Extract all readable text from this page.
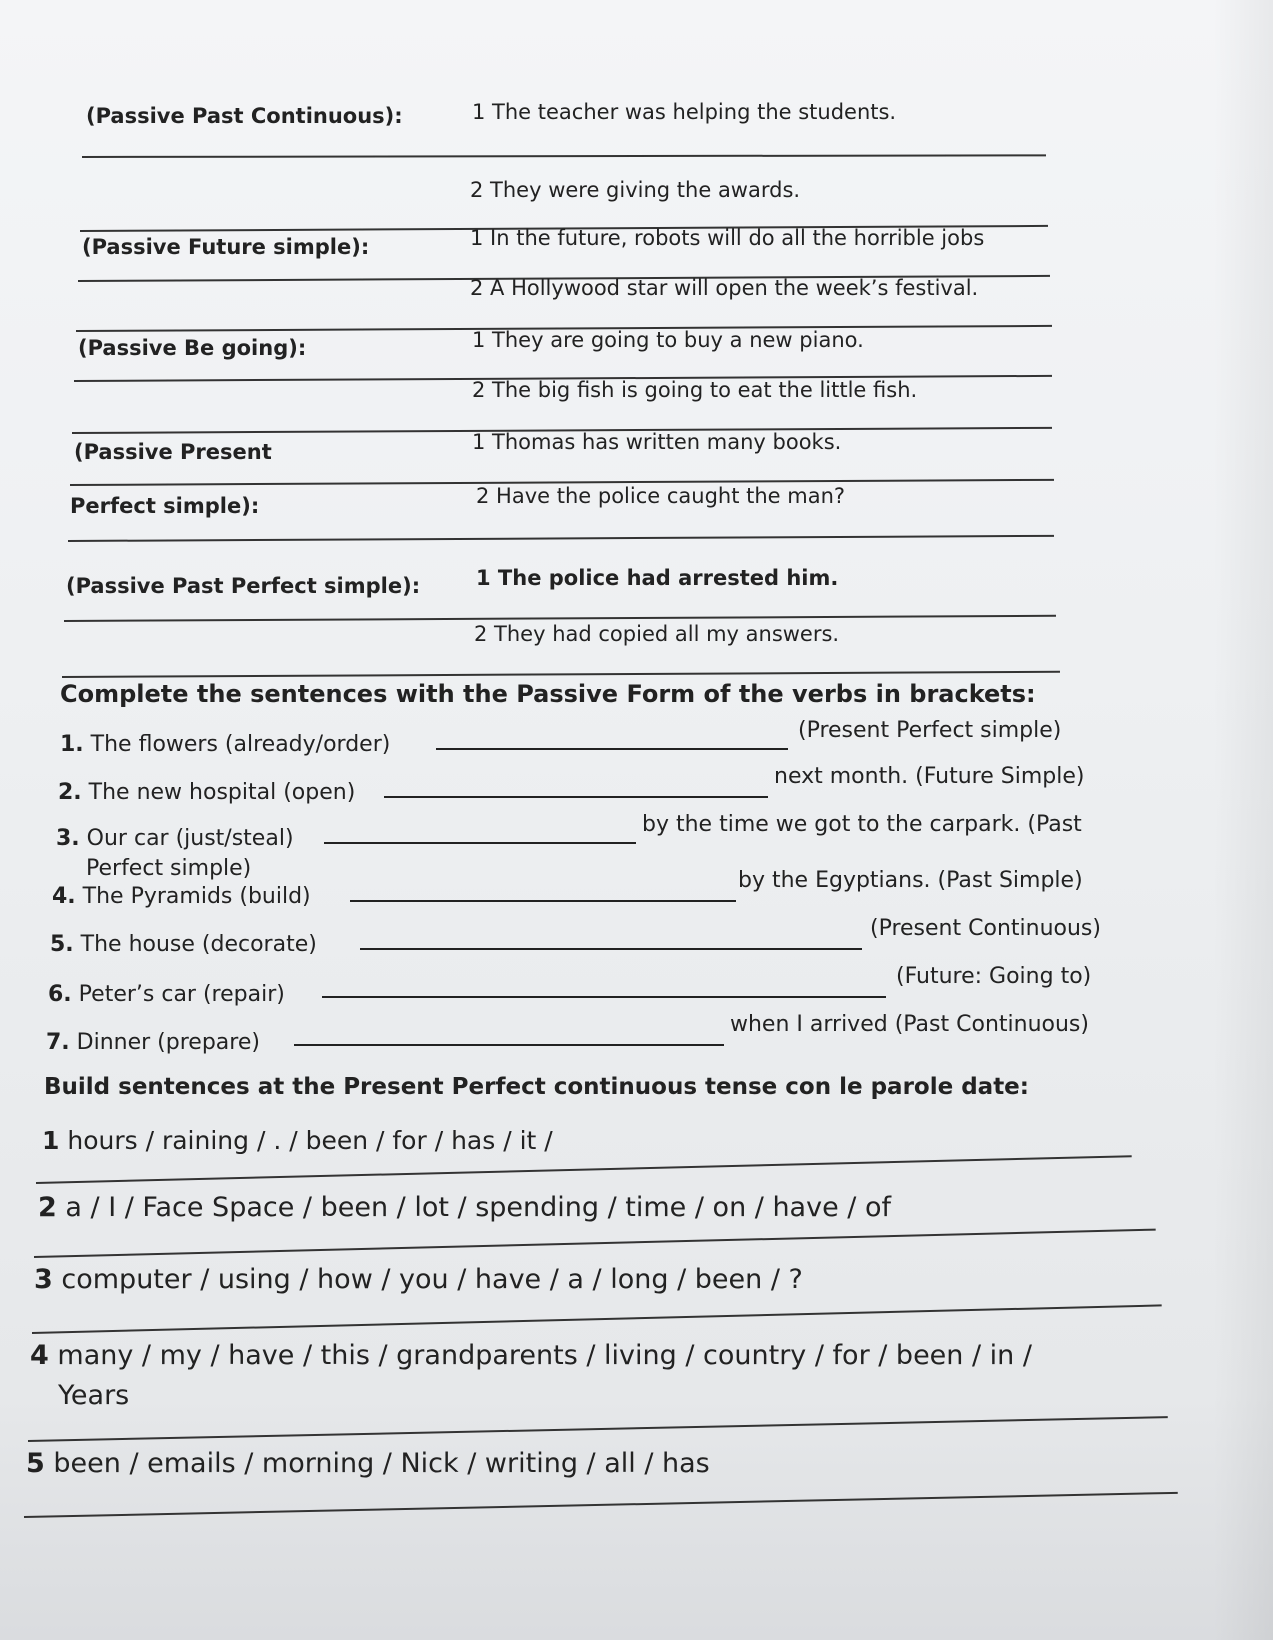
(Passive Past Continuous):	1 The teacher was helping the students.
2 They were giving the awards.
(Passive Future simple):	1 In the future, robots will do all the horrible jobs
2 A Hollywood star will open the week’s festival.
(Passive Be going):	1 They are going to buy a new piano.
2 The big fish is going to eat the little fish.
(Passive Present	1 Thomas has written many books.
Perfect simple):	2 Have the police caught the man?
(Passive Past Perfect simple):	1 The police had arrested him.
2 They had copied all my answers.
Complete the sentences with the Passive Form of the verbs in brackets:
1. The flowers (already/order)
(Present Perfect simple)
2. The new hospital (open)
next month. (Future Simple)
3. Our car (just/steal)
by the time we got to the carpark. (Past
Perfect simple)
4. The Pyramids (build)
by the Egyptians. (Past Simple)
5. The house (decorate)
(Present Continuous)
6. Peter’s car (repair)
(Future: Going to)
7. Dinner (prepare)
when I arrived (Past Continuous)
Build sentences at the Present Perfect continuous tense con le parole date:
1 hours / raining / . / been / for / has / it /
2 a / I / Face Space / been / lot / spending / time / on / have / of
3 computer / using / how / you / have / a / long / been / ?
4 many / my / have / this / grandparents / living / country / for / been / in /
Years
5 been / emails / morning / Nick / writing / all / has
